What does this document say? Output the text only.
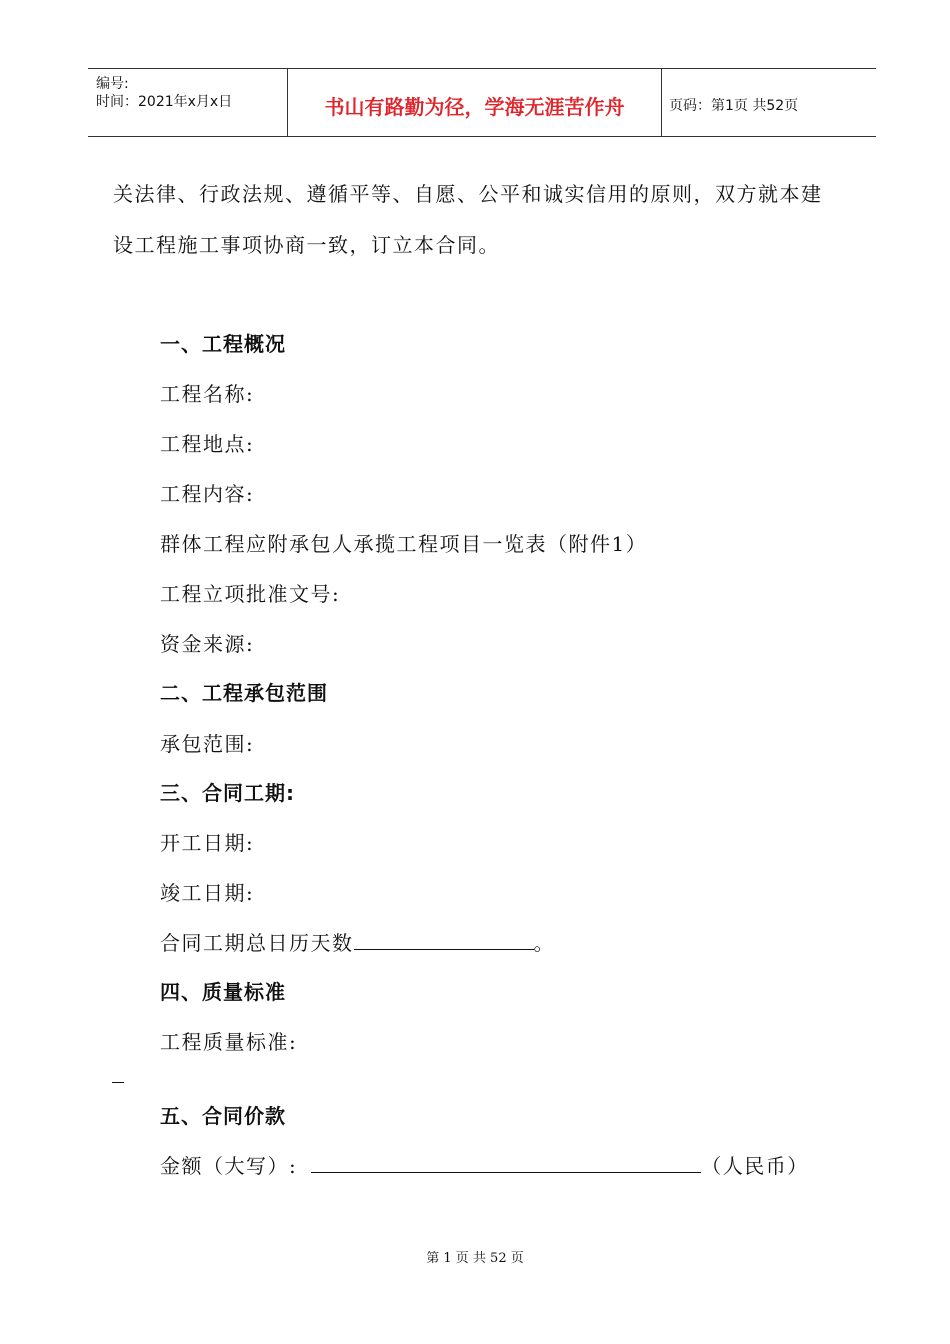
编号:
时间：2021年x月x日	书山有路勤为径，学海无涯苦作舟	页码：第1页 共52页
关法律、行政法规、遵循平等、自愿、公平和诚实信用的原则，双方就本建
设工程施工事项协商一致，订立本合同。
一、工程概况
工程名称:
工程地点:
工程内容:
群体工程应附承包人承揽工程项目一览表（附件1）
工程立项批准文号:
资金来源:
二、工程承包范围
承包范围:
三、合同工期:
开工日期:
竣工日期:
合同工期总日历天数	。
四、质量标准
工程质量标准:
五、合同价款
金额（大写）:	（人民币）
第 1 页 共 52 页
